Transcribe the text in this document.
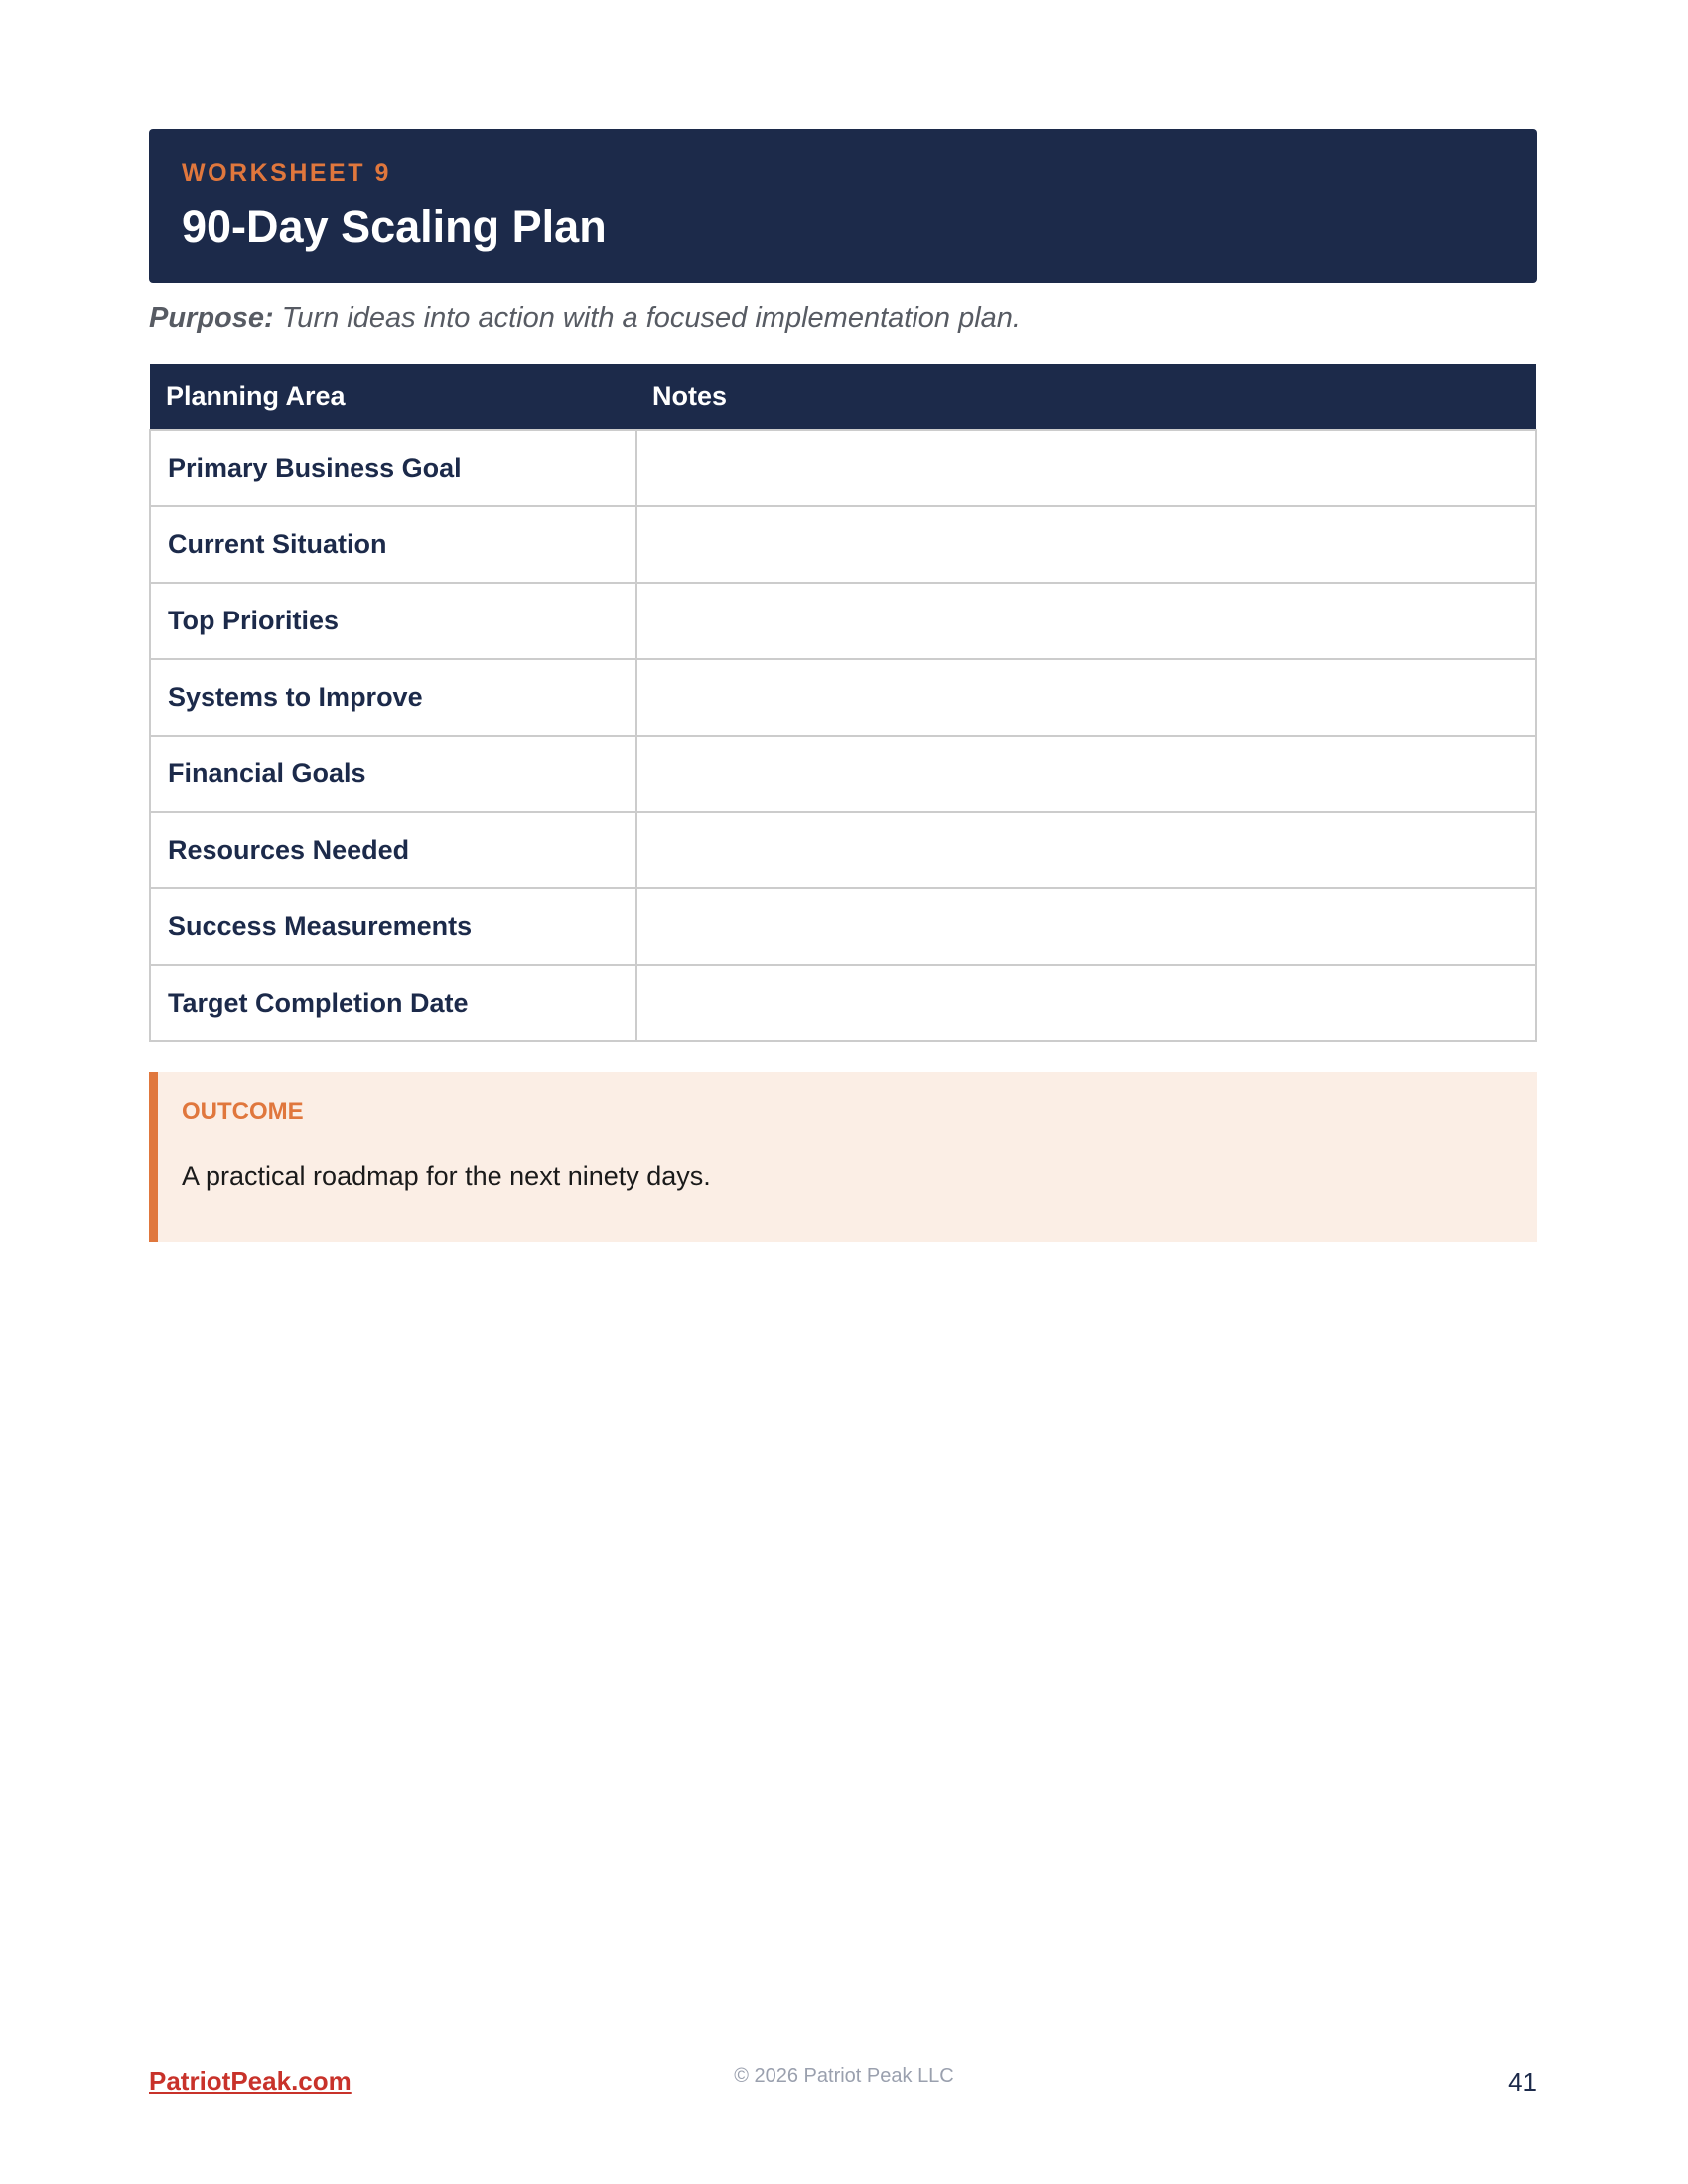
WORKSHEET 9
90-Day Scaling Plan
Purpose: Turn ideas into action with a focused implementation plan.
Planning Area	Notes
Primary Business Goal	
Current Situation	
Top Priorities	
Systems to Improve	
Financial Goals	
Resources Needed	
Success Measurements	
Target Completion Date	
OUTCOME
A practical roadmap for the next ninety days.
PatriotPeak.com	© 2026 Patriot Peak LLC	41
